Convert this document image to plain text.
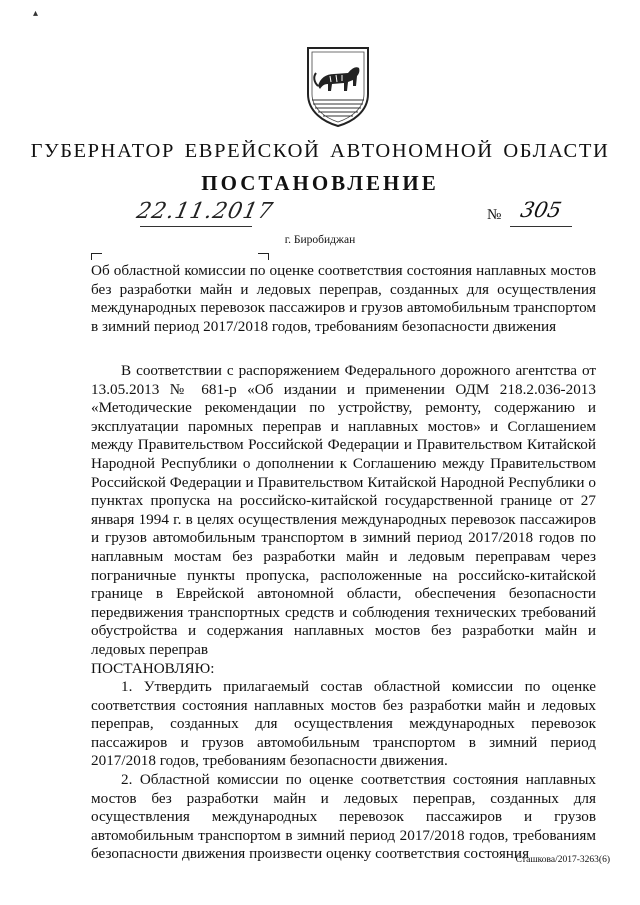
▴
ГУБЕРНАТОР ЕВРЕЙСКОЙ АВТОНОМНОЙ ОБЛАСТИ
ПОСТАНОВЛЕНИЕ
22.11.2017	№ 305
г. Биробиджан
Об областной комиссии по оценке соответствия состояния наплавных мостов без разработки майн и ледовых переправ, созданных для осуществления международных перевозок пассажиров и грузов автомобильным транспортом в зимний период 2017/2018 годов, требованиям безопасности движения

В соответствии с распоряжением Федерального дорожного агентства от 13.05.2013 № 681-р «Об издании и применении ОДМ 218.2.036-2013 «Методические рекомендации по устройству, ремонту, содержанию и эксплуатации паромных переправ и наплавных мостов» и Соглашением между Правительством Российской Федерации и Правительством Китайской Народной Республики о дополнении к Соглашению между Правительством Российской Федерации и Правительством Китайской Народной Республики о пунктах пропуска на российско-китайской государственной границе от 27 января 1994 г. в целях осуществления международных перевозок пассажиров и грузов автомобильным транспортом в зимний период 2017/2018 годов по наплавным мостам без разработки майн и ледовым переправам через пограничные пункты пропуска, расположенные на российско-китайской границе в Еврейской автономной области, обеспечения безопасности передвижения транспортных средств и соблюдения технических требований обустройства и содержания наплавных мостов без разработки майн и ледовых переправ

ПОСТАНОВЛЯЮ:

1. Утвердить прилагаемый состав областной комиссии по оценке соответствия состояния наплавных мостов без разработки майн и ледовых переправ, созданных для осуществления международных перевозок пассажиров и грузов автомобильным транспортом в зимний период 2017/2018 годов, требованиям безопасности движения.

2. Областной комиссии по оценке соответствия состояния наплавных мостов без разработки майн и ледовых переправ, созданных для осуществления международных перевозок пассажиров и грузов автомобильным транспортом в зимний период 2017/2018 годов, требованиям безопасности движения произвести оценку соответствия состояния

Сташкова/2017-3263(6)
